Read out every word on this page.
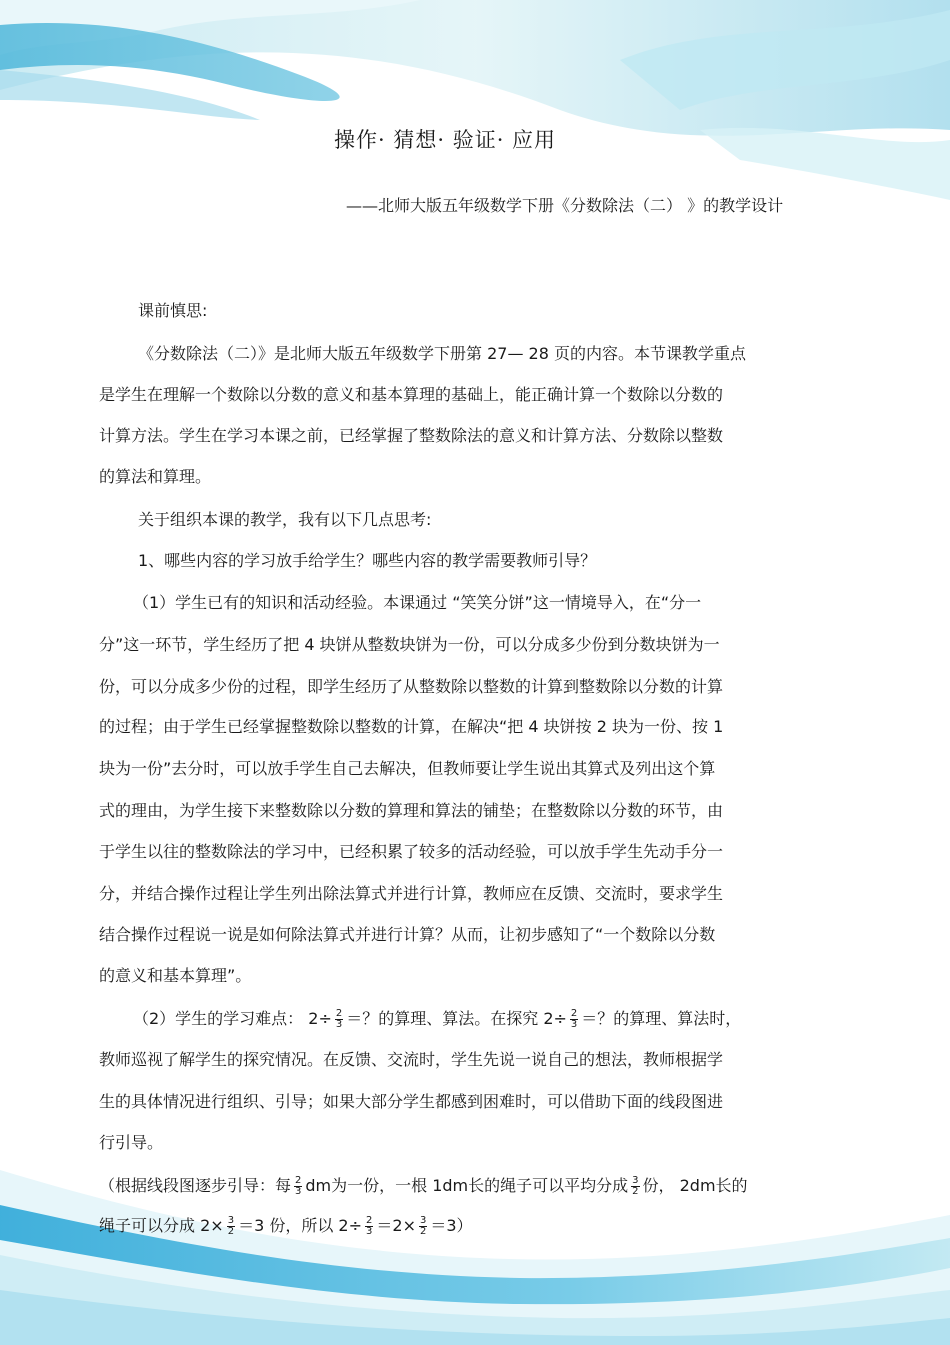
操作· 猜想· 验证· 应用
——北师大版五年级数学下册《分数除法（二） 》的教学设计
课前慎思:
《分数除法（二）》是北师大版五年级数学下册第 27— 28 页的内容。本节课教学重点
是学生在理解一个数除以分数的意义和基本算理的基础上，能正确计算一个数除以分数的
计算方法。学生在学习本课之前，已经掌握了整数除法的意义和计算方法、分数除以整数
的算法和算理。
关于组织本课的教学，我有以下几点思考:
1、哪些内容的学习放手给学生？哪些内容的教学需要教师引导？
（1）学生已有的知识和活动经验。本课通过 “笑笑分饼”这一情境导入，在“分一
分”这一环节，学生经历了把 4 块饼从整数块饼为一份，可以分成多少份到分数块饼为一
份，可以分成多少份的过程，即学生经历了从整数除以整数的计算到整数除以分数的计算
的过程；由于学生已经掌握整数除以整数的计算，在解决“把 4 块饼按 2 块为一份、按 1
块为一份”去分时，可以放手学生自己去解决，但教师要让学生说出其算式及列出这个算
式的理由，为学生接下来整数除以分数的算理和算法的铺垫；在整数除以分数的环节，由
于学生以往的整数除法的学习中，已经积累了较多的活动经验，可以放手学生先动手分一
分，并结合操作过程让学生列出除法算式并进行计算，教师应在反馈、交流时，要求学生
结合操作过程说一说是如何除法算式并进行计算？从而，让初步感知了“一个数除以分数
的意义和基本算理”。
（2）学生的学习难点： $2\div \frac{2}{3}$ ＝？的算理、算法。在探究 $2\div \frac{2}{3}$ ＝？的算理、算法时，
教师巡视了解学生的探究情况。在反馈、交流时，学生先说一说自己的想法，教师根据学
生的具体情况进行组织、引导；如果大部分学生都感到困难时，可以借助下面的线段图进
行引导。
（根据线段图逐步引导：每 $\frac{2}{3}$ dm为一份，一根 1dm长的绳子可以平均分成 $\frac{3}{2}$ 份， 2dm长的
绳子可以分成 $2\times \frac{3}{2} =3$ 份，所以 $2\div \frac{2}{3} =2\times \frac{3}{2} =3$）
